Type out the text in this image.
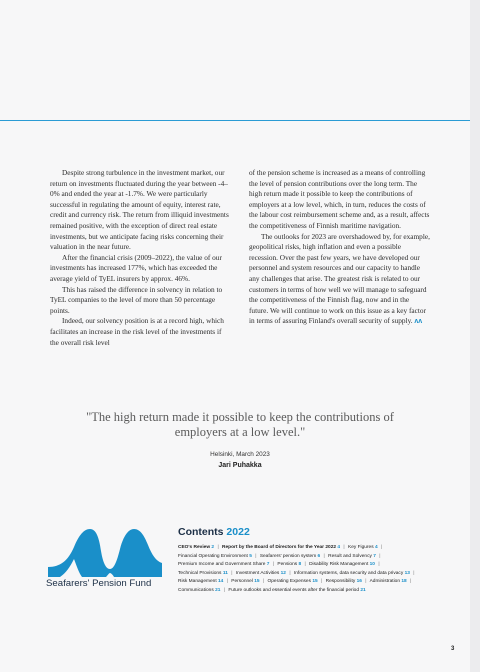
Despite strong turbulence in the investment market, our return on investments fluctuated during the year between -4–0% and ended the year at -1.7%. We were particularly successful in regulating the amount of equity, interest rate, credit and currency risk. The return from illiquid investments remained positive, with the exception of direct real estate investments, but we anticipate facing risks concerning their valuation in the near future.

After the financial crisis (2009–2022), the value of our investments has increased 177%, which has exceeded the average yield of TyEL insurers by approx. 46%.

This has raised the difference in solvency in relation to TyEL companies to the level of more than 50 percentage points.

Indeed, our solvency position is at a record high, which facilitates an increase in the risk level of the investments if the overall risk level

of the pension scheme is increased as a means of controlling the level of pension contributions over the long term. The high return made it possible to keep the contributions of employers at a low level, which, in turn, reduces the costs of the labour cost reimbursement scheme and, as a result, affects the competitiveness of Finnish maritime navigation.

The outlooks for 2023 are overshadowed by, for example, geopolitical risks, high inflation and even a possible recession. Over the past few years, we have developed our personnel and system resources and our capacity to handle any challenges that arise. The greatest risk is related to our customers in terms of how well we will manage to safeguard the competitiveness of the Finnish flag, now and in the future. We will continue to work on this issue as a key factor in terms of assuring Finland's overall security of supply. ᴧᴧ

"The high return made it possible to keep the contributions of employers at a low level."
Helsinki, March 2023
Jari Puhakka
Seafarers' Pension Fund
Contents 2022
CEO's Review 2 | Report by the Board of Directors for the Year 2022 4 | Key Figures 4 |
Financial Operating Environment 5 | Seafarers' pension system 6 | Result and Solvency 7 |
Premium Income and Government Share 7 | Pensions 8 | Disability Risk Management 10 |
Technical Provisions 11 | Investment Activities 12 | Information systems, data security and data privacy 13 |
Risk Management 14 | Personnel 15 | Operating Expenses 15 | Responsibility 16 | Administration 18 |
Communications 21 | Future outlooks and essential events after the financial period 21
3
